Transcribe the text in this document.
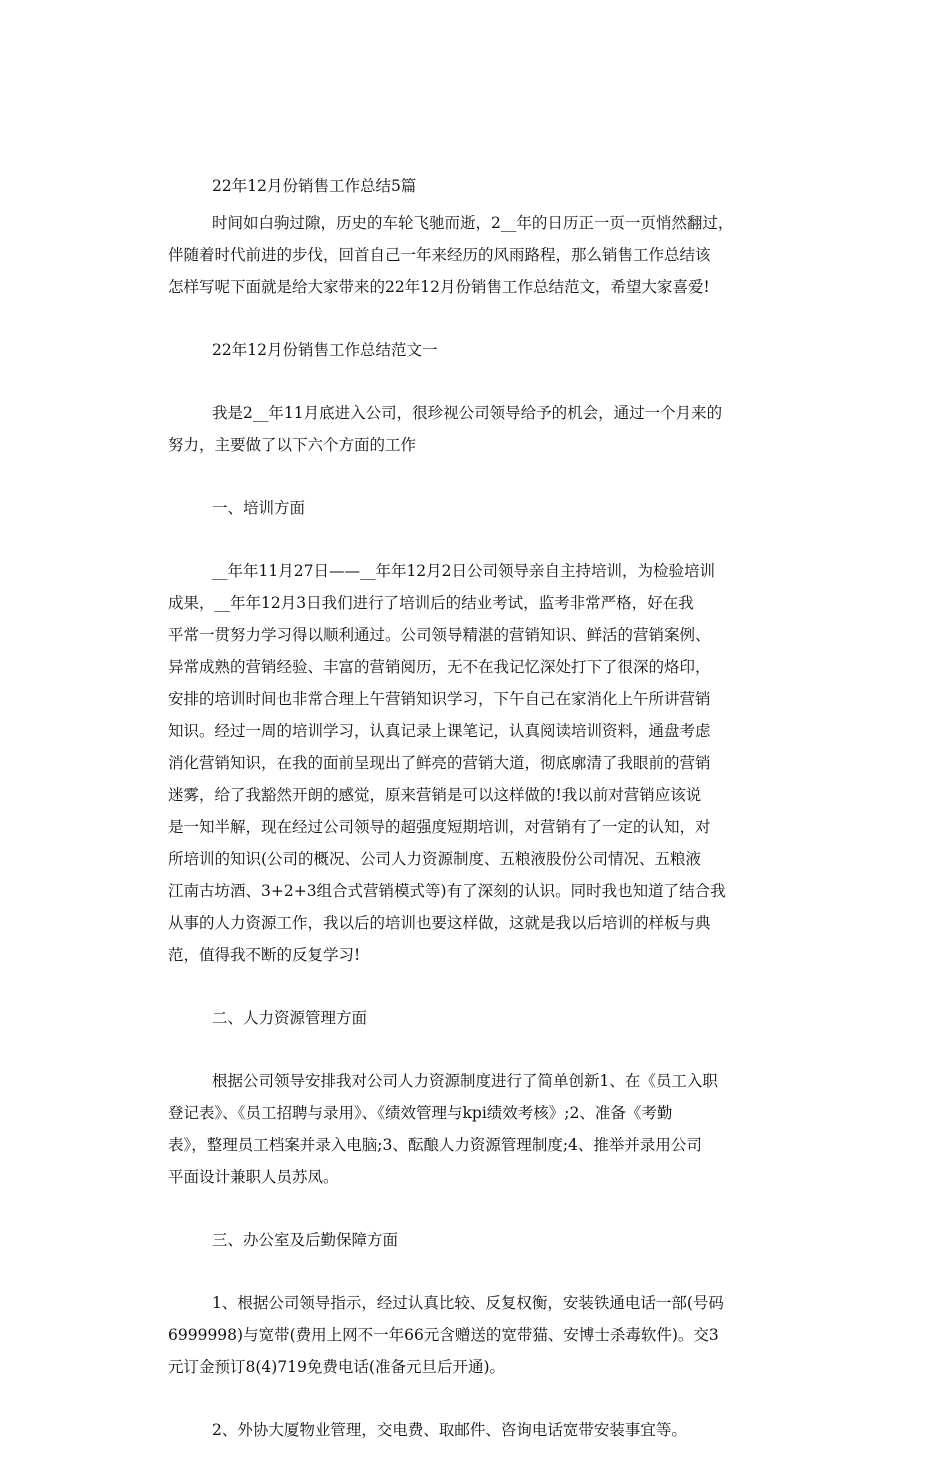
22年12月份销售工作总结5篇
时间如白驹过隙，历史的车轮飞驰而逝，2__年的日历正一页一页悄然翻过，
伴随着时代前进的步伐，回首自己一年来经历的风雨路程，那么销售工作总结该
怎样写呢下面就是给大家带来的22年12月份销售工作总结范文，希望大家喜爱!
22年12月份销售工作总结范文一
我是2__年11月底进入公司，很珍视公司领导给予的机会，通过一个月来的
努力，主要做了以下六个方面的工作
一、培训方面
__年年11月27日——__年年12月2日公司领导亲自主持培训，为检验培训
成果，__年年12月3日我们进行了培训后的结业考试，监考非常严格，好在我
平常一贯努力学习得以顺利通过。公司领导精湛的营销知识、鲜活的营销案例、
异常成熟的营销经验、丰富的营销阅历，无不在我记忆深处打下了很深的烙印，
安排的培训时间也非常合理上午营销知识学习，下午自己在家消化上午所讲营销
知识。经过一周的培训学习，认真记录上课笔记，认真阅读培训资料，通盘考虑
消化营销知识，在我的面前呈现出了鲜亮的营销大道，彻底廓清了我眼前的营销
迷雾，给了我豁然开朗的感觉，原来营销是可以这样做的!我以前对营销应该说
是一知半解，现在经过公司领导的超强度短期培训，对营销有了一定的认知，对
所培训的知识(公司的概况、公司人力资源制度、五粮液股份公司情况、五粮液
江南古坊酒、3+2+3组合式营销模式等)有了深刻的认识。同时我也知道了结合我
从事的人力资源工作，我以后的培训也要这样做，这就是我以后培训的样板与典
范，值得我不断的反复学习!
二、人力资源管理方面
根据公司领导安排我对公司人力资源制度进行了简单创新1、在《员工入职
登记表》、《员工招聘与录用》、《绩效管理与kpi绩效考核》;2、准备《考勤
表》，整理员工档案并录入电脑;3、酝酿人力资源管理制度;4、推举并录用公司
平面设计兼职人员苏凤。
三、办公室及后勤保障方面
1、根据公司领导指示，经过认真比较、反复权衡，安装铁通电话一部(号码
6999998)与宽带(费用上网不一年66元含赠送的宽带猫、安博士杀毒软件)。交3
元订金预订8(4)719免费电话(准备元旦后开通)。
2、外协大厦物业管理，交电费、取邮件、咨询电话宽带安装事宜等。
